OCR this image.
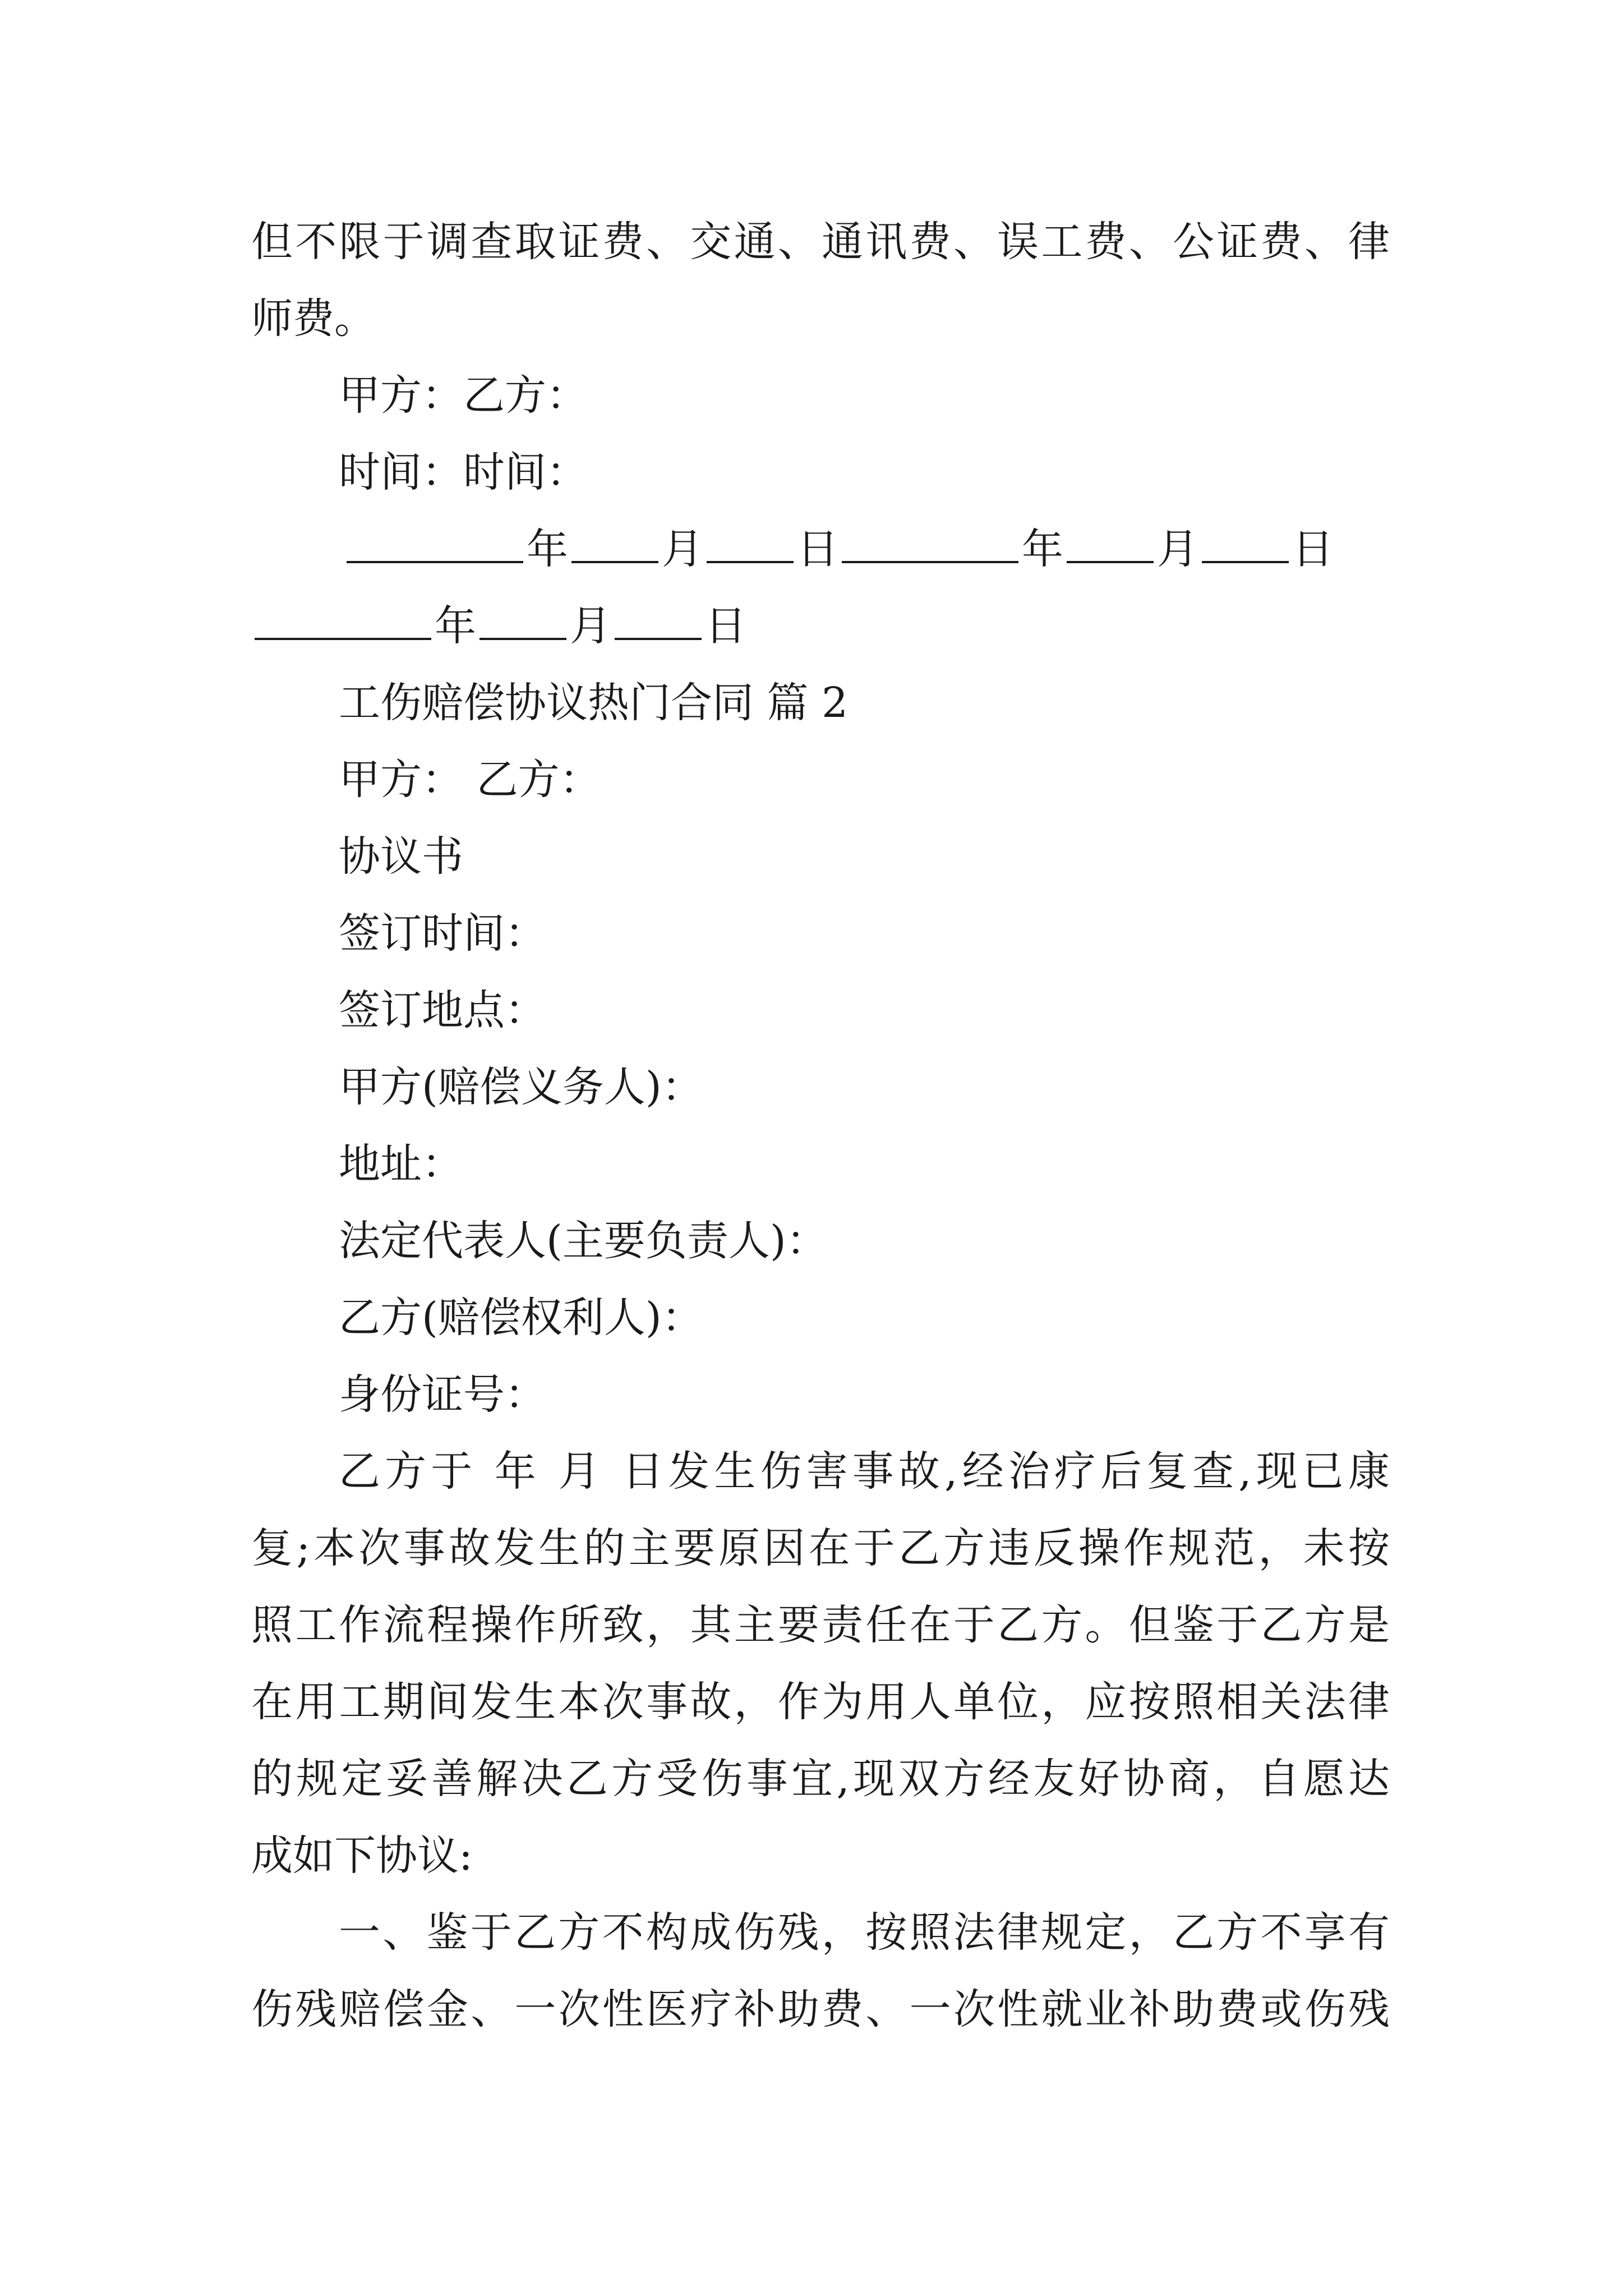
但不限于调查取证费、交通、通讯费、误工费、公证费、律
师费。
甲方：乙方：
时间：时间：
年 月 日	年 月 日
年 月 日
工伤赔偿协议热门合同 篇 2
甲方： 乙方：
协议书
签订时间：
签订地点：
甲方(赔偿义务人)：
地址：
法定代表人(主要负责人)：
乙方(赔偿权利人)：
身份证号：
乙方于 年 月 日发生伤害事故,经治疗后复查,现已康
复;本次事故发生的主要原因在于乙方违反操作规范，未按
照工作流程操作所致，其主要责任在于乙方。但鉴于乙方是
在用工期间发生本次事故，作为用人单位，应按照相关法律
的规定妥善解决乙方受伤事宜,现双方经友好协商，自愿达
成如下协议:
一、鉴于乙方不构成伤残，按照法律规定，乙方不享有
伤残赔偿金、一次性医疗补助费、一次性就业补助费或伤残
